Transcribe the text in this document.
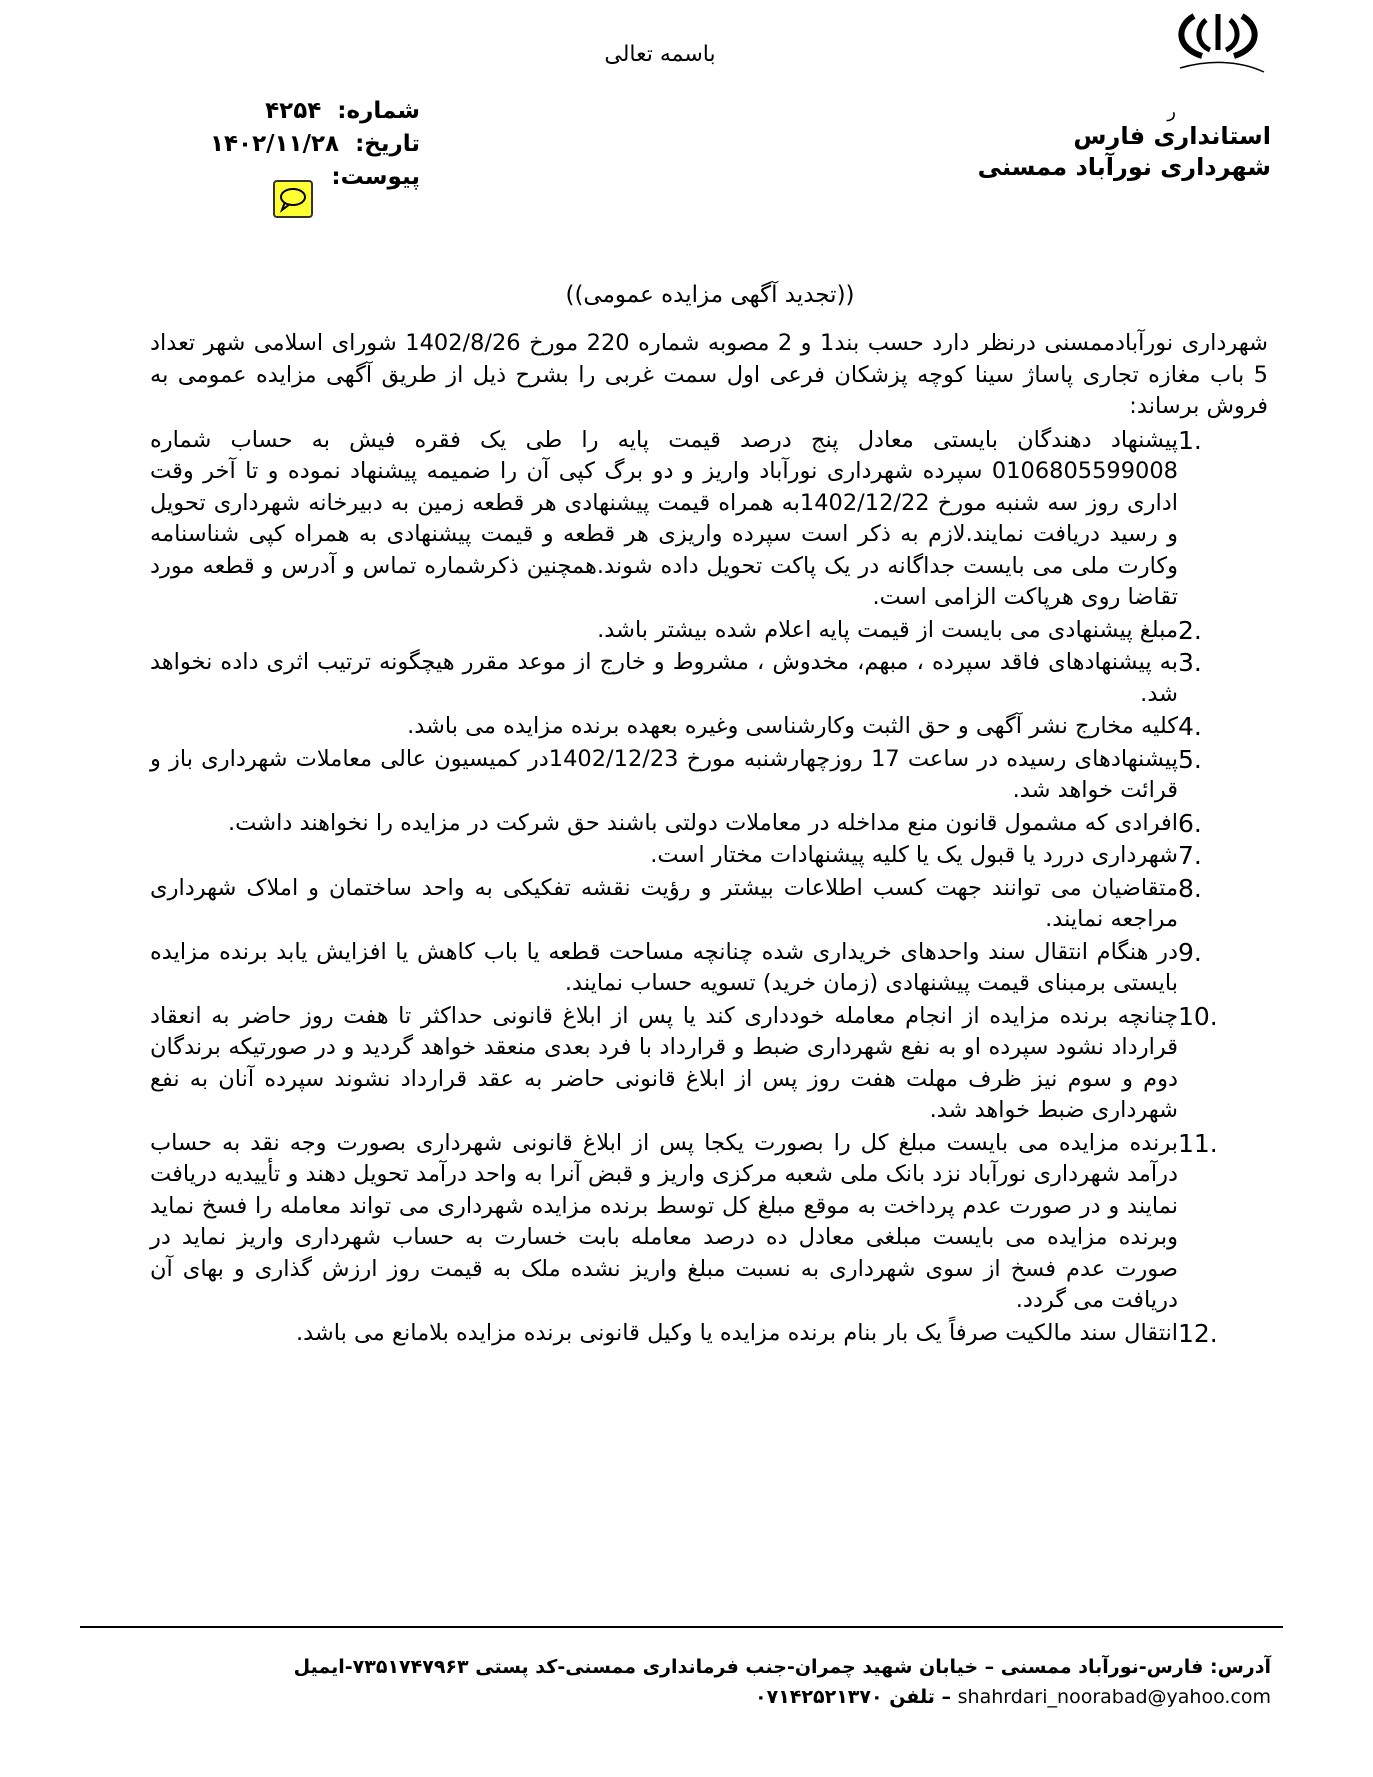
باسمه تعالی
شماره:
۴۲۵۴
تاریخ:
۱۴۰۲/۱۱/۲۸
پیوست:
ر
استانداری فارس
شهرداری نورآباد ممسنی
((تجدید آگهی مزایده عمومی))

شهرداری نورآبادممسنی درنظر دارد حسب بند1 و 2 مصوبه شماره 220 مورخ 1402/8/26 شورای اسلامی شهر تعداد 5 باب مغازه تجاری پاساژ سینا کوچه پزشکان فرعی اول سمت غربی را بشرح ذیل از طریق آگهی مزایده عمومی به فروش برساند:

1.
پیشنهاد دهندگان بایستی معادل پنج درصد قیمت پایه را طی یک فقره فیش به حساب شماره 0106805599008 سپرده شهرداری نورآباد واریز و دو برگ کپی آن را ضمیمه پیشنهاد نموده و تا آخر وقت اداری روز سه شنبه مورخ 1402/12/22به همراه قیمت پیشنهادی هر قطعه زمین به دبیرخانه شهرداری تحویل و رسید دریافت نمایند.لازم به ذکر است سپرده واریزی هر قطعه و قیمت پیشنهادی به همراه کپی شناسنامه وکارت ملی می بایست جداگانه در یک پاکت تحویل داده شوند.همچنین ذکرشماره تماس و آدرس و قطعه مورد تقاضا روی هرپاکت الزامی است.
2.
مبلغ پیشنهادی می بایست از قیمت پایه اعلام شده بیشتر باشد.
3.
به پیشنهادهای فاقد سپرده ، مبهم، مخدوش ، مشروط و خارج از موعد مقرر هیچگونه ترتیب اثری داده نخواهد شد.
4.
کلیه مخارج نشر آگهی و حق الثبت وکارشناسی وغیره بعهده برنده مزایده می باشد.
5.
پیشنهادهای رسیده در ساعت 17 روزچهارشنبه مورخ 1402/12/23در کمیسیون عالی معاملات شهرداری باز و قرائت خواهد شد.
6.
افرادی که مشمول قانون منع مداخله در معاملات دولتی باشند حق شرکت در مزایده را نخواهند داشت.
7.
شهرداری دررد یا قبول یک یا کلیه پیشنهادات مختار است.
8.
متقاضیان می توانند جهت کسب اطلاعات بیشتر و رؤیت نقشه تفکیکی به واحد ساختمان و املاک شهرداری مراجعه نمایند.
9.
در هنگام انتقال سند واحدهای خریداری شده چنانچه مساحت قطعه یا باب کاهش یا افزایش یابد برنده مزایده بایستی برمبنای قیمت پیشنهادی (زمان خرید) تسویه حساب نمایند.
10.
چنانچه برنده مزایده از انجام معامله خودداری کند یا پس از ابلاغ قانونی حداکثر تا هفت روز حاضر به انعقاد قرارداد نشود سپرده او به نفع شهرداری ضبط و قرارداد با فرد بعدی منعقد خواهد گردید و در صورتیکه برندگان دوم و سوم نیز ظرف مهلت هفت روز پس از ابلاغ قانونی حاضر به عقد قرارداد نشوند سپرده آنان به نفع شهرداری ضبط خواهد شد.
11.
برنده مزایده می بایست مبلغ کل را بصورت یکجا پس از ابلاغ قانونی شهرداری بصورت وجه نقد به حساب درآمد شهرداری نورآباد نزد بانک ملی شعبه مرکزی واریز و قبض آنرا به واحد درآمد تحویل دهند و تأییدیه دریافت نمایند و در صورت عدم پرداخت به موقع مبلغ کل توسط برنده مزایده شهرداری می تواند معامله را فسخ نماید وبرنده مزایده می بایست مبلغی معادل ده درصد معامله بابت خسارت به حساب شهرداری واریز نماید در صورت عدم فسخ از سوی شهرداری به نسبت مبلغ واریز نشده ملک به قیمت روز ارزش گذاری و بهای آن دریافت می گردد.
12.
انتقال سند مالکیت صرفاً یک بار بنام برنده مزایده یا وکیل قانونی برنده مزایده بلامانع می باشد.
آدرس: فارس-نورآباد ممسنی – خیابان شهید چمران-جنب فرمانداری ممسنی-کد پستی ۷۳۵۱۷۴۷۹۶۳-ایمیل
shahrdari_noorabad@yahoo.com – تلفن ۰۷۱۴۲۵۲۱۳۷۰
